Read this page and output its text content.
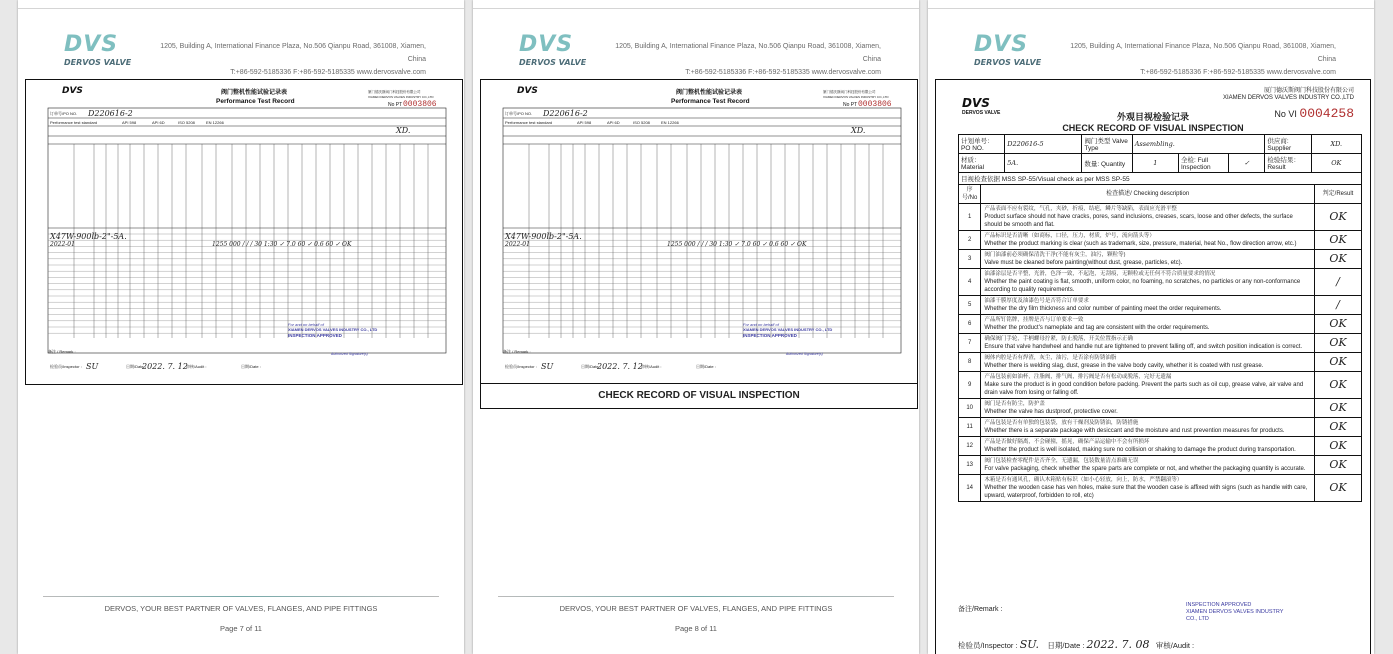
DVS
DERVOS VALVE
1205, Building A, International Finance Plaza, No.506 Qianpu Road, 361008, Xiamen, China
T:+86-592-5185336 F:+86-592-5185335 www.dervosvalve.com
DVS	阀门整机性能试验记录表
Performance Test Record
厦门德沃斯阀门科技股份有限公司
XIAMEN DERVOS VALVES INDUSTRY CO.,LTD
No PT 0003806
订单号/PO NO. D220616-2
Performance test standard	API 598	API 6D	ISO 5208	EN 12266
XD.
X47W-900lb-2"-5A.
2022-01	1255 000 / / / 30 1:30 ✓ 7.0 60 ✓ 0.6 60 ✓ OK
For and on behalf of
XIAMEN DERVOS VALVES INDUSTRY CO., LTD
INSPECTION APPROVED
Authorized Signature(s)
备注 / Remark :
检验员/Inspector : SU	日期/Date :
2022. 7. 12
审核/Audit :	日期/Date :
DERVOS, YOUR BEST PARTNER OF VALVES, FLANGES, AND PIPE FITTINGS
Page 7 of 11
DVS
DERVOS VALVE
1205, Building A, International Finance Plaza, No.506 Qianpu Road, 361008, Xiamen, China
T:+86-592-5185336 F:+86-592-5185335 www.dervosvalve.com
DVS	阀门整机性能试验记录表
Performance Test Record
厦门德沃斯阀门科技股份有限公司
XIAMEN DERVOS VALVES INDUSTRY CO.,LTD
No PT 0003806
订单号/PO NO. D220616-2
Performance test standard	API 598	API 6D	ISO 5208	EN 12266
XD.
X47W-900lb-2"-5A.
2022-01	1255 000 / / / 30 1:30 ✓ 7.0 60 ✓ 0.6 60 ✓ OK
For and on behalf of
XIAMEN DERVOS VALVES INDUSTRY CO., LTD
INSPECTION APPROVED
Authorized Signature(s)
备注 / Remark :
检验员/Inspector : SU	日期/Date :
2022. 7. 12
审核/Audit :	日期/Date :
CHECK RECORD OF VISUAL INSPECTION
DERVOS, YOUR BEST PARTNER OF VALVES, FLANGES, AND PIPE FITTINGS
Page 8 of 11
DVS
DERVOS VALVE
1205, Building A, International Finance Plaza, No.506 Qianpu Road, 361008, Xiamen, China
T:+86-592-5185336 F:+86-592-5185335 www.dervosvalve.com
DVS
DERVOS VALVE
厦门德沃斯阀门科技股份有限公司
XIAMEN DERVOS VALVES INDUSTRY CO.,LTD
No VI 0004258
外观目视检验记录
CHECK RECORD OF VISUAL INSPECTION
计划单号：PO NO.	D220616-5	阀门类型 Valve Type	Assembling.			供应商: Supplier	XD.
材质： Material	5A.	数量: Quantity	1	全检: Full Inspection	✓	检验结果：Result	OK
目视检查依据 MSS SP-55/Visual check as per MSS SP-55							
序号/No	检查描述/ Checking description	判定/Result
1	产品表面不应有裂纹，气孔，夹砂，折痕，结疤，鳞片等缺陷，表面应光滑平整
Product surface should not have cracks, pores, sand inclusions, creases, scars, loose and other defects, the surface should be smooth and flat.	OK
2	产品标识是否清晰（如商标，口径，压力，材质，炉号，流向箭头等）
Whether the product marking is clear (such as trademark, size, pressure, material, heat No., flow direction arrow, etc.)	OK
3	阀门油漆前必须确保清洗干净(不能有灰尘，油污，颗粒等)
Valve must be cleaned before painting(without dust, grease, particles, etc).	OK
4	油漆涂层是否平整，光滑，色泽一致，不起泡，无刮痕，无颗粒或无任何不符合质量要求的情况
Whether the paint coating is flat, smooth, uniform color, no foaming, no scratches, no particles or any non-conformance according to quality requirements.	/
5	油漆干膜厚度及油漆色号是否符合订单要求
Whether the dry film thickness and color number of painting meet the order requirements.	/
6	产品所钉铭牌，挂牌是否与订单要求一致
Whether the product's nameplate and tag are consistent with the order requirements.	OK
7	确保阀门手轮，手柄螺母拧紧，防止脱落，开关位置指示正确
Ensure that valve handwheel and handle nut are tightened to prevent falling off, and switch position indication is correct.	OK
8	阀体内腔是否有焊渣，灰尘，油污，是否涂有防锈油脂
Whether there is welding slag, dust, grease in the valve body cavity, whether it is coated with rust grease.	OK
9	产品包装前如油杯，注脂阀，排气阀，排污阀是否有松动或脱落，完好无遗漏
Make sure the product is in good condition before packing. Prevent the parts such as oil cup, grease valve, air valve and drain valve from losing or falling off.	OK
10	阀门是否有防尘，防护盖
Whether the valve has dustproof, protective cover.	OK
11	产品包装是否有单独的包装袋，放有干燥剂及防锈油，防锈措施
Whether there is a separate package with desiccant and the moisture and rust prevention measures for products.	OK
12	产品是否做好隔离，不会碰撞，摇晃，确保产品运输中不会有所损坏
Whether the product is well isolated, making sure no collision or shaking to damage the product during transportation.	OK
13	阀门包装检查零配件是否齐全，无遗漏，包装数量清点准确无误
For valve packaging, check whether the spare parts are complete or not, and whether the packaging quantity is accurate.	OK
14	木箱是否有通风孔，确认木箱贴有标识（如小心轻放，向上，防水，严禁翻滚等）
Whether the wooden case has ven holes, make sure that the wooden case is affixed with signs (such as handle with care, upward, waterproof, forbidden to roll, etc)	OK
备注/Remark :
INSPECTION APPROVED
XIAMEN DERVOS VALVES INDUSTRY CO., LTD
检验员/Inspector : SU. 日期/Date : 2022. 7. 08 审核/Audit :
